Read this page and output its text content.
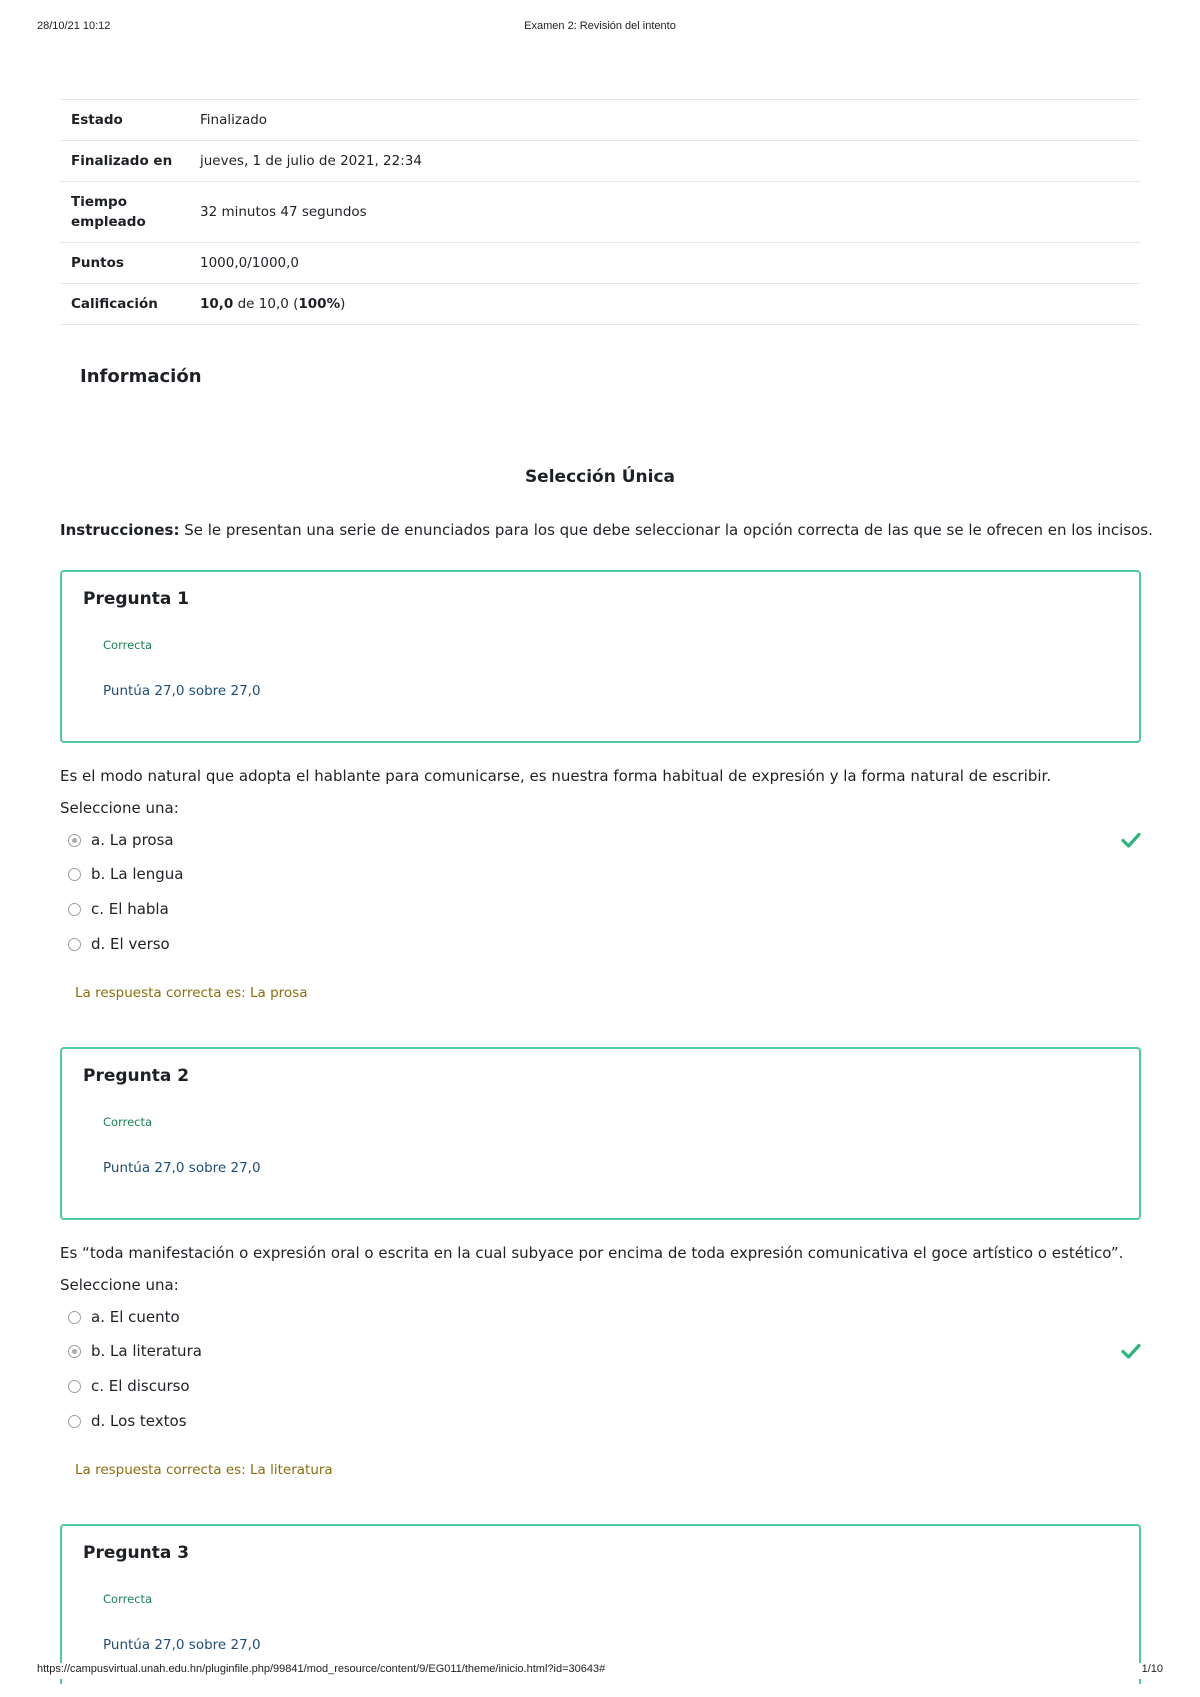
28/10/21 10:12	Examen 2: Revisión del intento
Estado	Finalizado
Finalizado en	jueves, 1 de julio de 2021, 22:34
Tiempo empleado	32 minutos 47 segundos
Puntos	1000,0/1000,0
Calificación	10,0 de 10,0 (100%)
Información
Selección Única
Instrucciones: Se le presentan una serie de enunciados para los que debe seleccionar la opción correcta de las que se le ofrecen en los incisos.
Pregunta 1
Correcta
Puntúa 27,0 sobre 27,0
Es el modo natural que adopta el hablante para comunicarse, es nuestra forma habitual de expresión y la forma natural de escribir.
Seleccione una:
a. La prosa
b. La lengua
c. El habla
d. El verso
La respuesta correcta es: La prosa
Pregunta 2
Correcta
Puntúa 27,0 sobre 27,0
Es “toda manifestación o expresión oral o escrita en la cual subyace por encima de toda expresión comunicativa el goce artístico o estético”.
Seleccione una:
a. El cuento
b. La literatura
c. El discurso
d. Los textos
La respuesta correcta es: La literatura
Pregunta 3
Correcta
Puntúa 27,0 sobre 27,0
https://campusvirtual.unah.edu.hn/pluginfile.php/99841/mod_resource/content/9/EG011/theme/inicio.html?id=30643#	1/10
